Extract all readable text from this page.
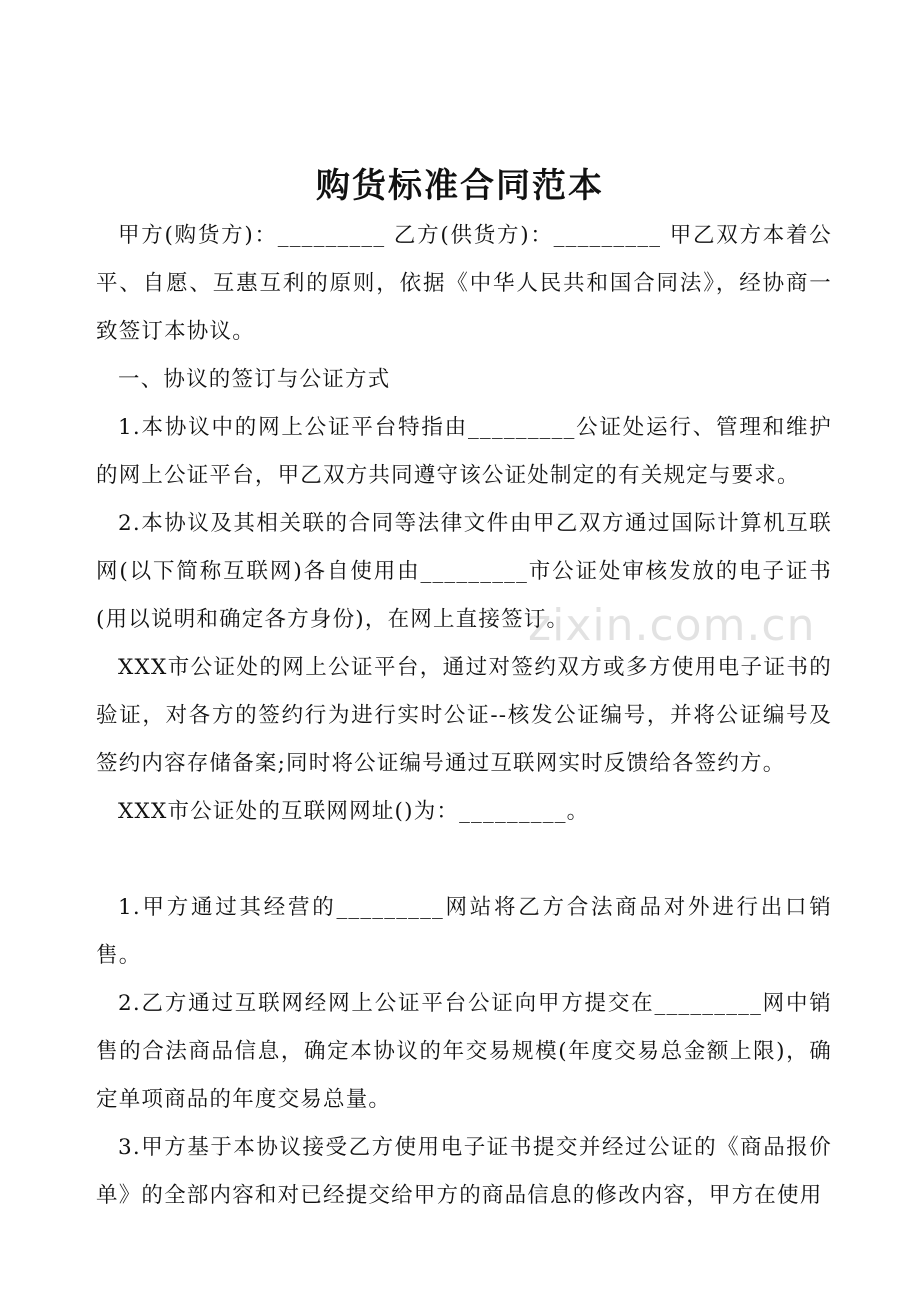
购货标准合同范本

甲方(购货方)：_________ 乙方(供货方)：_________ 甲乙双方本着公平、自愿、互惠互利的原则，依据《中华人民共和国合同法》，经协商一致签订本协议。

一、协议的签订与公证方式

1.本协议中的网上公证平台特指由_________公证处运行、管理和维护的网上公证平台，甲乙双方共同遵守该公证处制定的有关规定与要求。

2.本协议及其相关联的合同等法律文件由甲乙双方通过国际计算机互联网(以下简称互联网)各自使用由_________市公证处审核发放的电子证书(用以说明和确定各方身份)，在网上直接签订。

XXX市公证处的网上公证平台，通过对签约双方或多方使用电子证书的验证，对各方的签约行为进行实时公证--核发公证编号，并将公证编号及签约内容存储备案;同时将公证编号通过互联网实时反馈给各签约方。

XXX市公证处的互联网网址()为：_________。

1.甲方通过其经营的_________网站将乙方合法商品对外进行出口销售。

2.乙方通过互联网经网上公证平台公证向甲方提交在_________网中销售的合法商品信息，确定本协议的年交易规模(年度交易总金额上限)，确定单项商品的年度交易总量。

3.甲方基于本协议接受乙方使用电子证书提交并经过公证的《商品报价单》的全部内容和对已经提交给甲方的商品信息的修改内容，甲方在使用

zixin.com.cn
